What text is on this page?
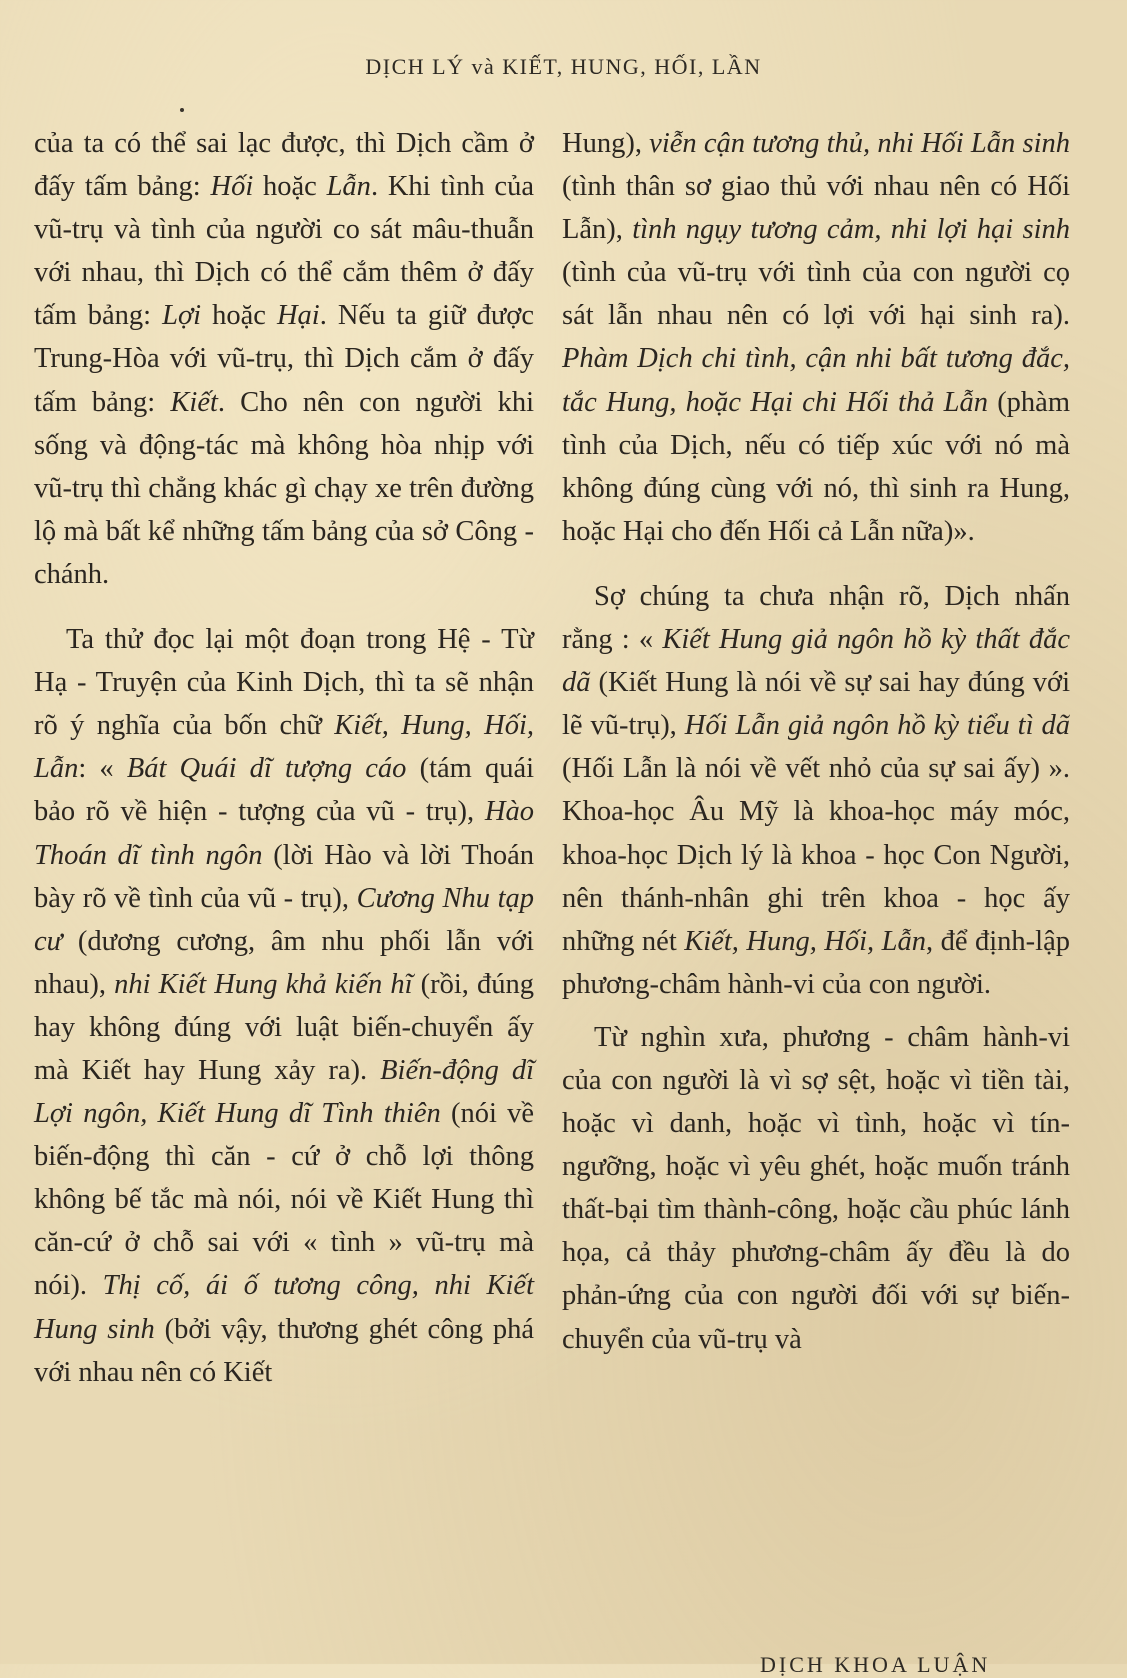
DỊCH LÝ và KIẾT, HUNG, HỐI, LẦN

của ta có thể sai lạc được, thì Dịch cầm ở đấy tấm bảng: Hối hoặc Lẫn. Khi tình của vũ-trụ và tình của người co sát mâu-thuẫn với nhau, thì Dịch có thể cắm thêm ở đấy tấm bảng: Lợi hoặc Hại. Nếu ta giữ được Trung-Hòa với vũ-trụ, thì Dịch cắm ở đấy tấm bảng: Kiết. Cho nên con người khi sống và động-tác mà không hòa nhịp với vũ-trụ thì chẳng khác gì chạy xe trên đường lộ mà bất kể những tấm bảng của sở Công - chánh.

Ta thử đọc lại một đoạn trong Hệ - Từ Hạ - Truyện của Kinh Dịch, thì ta sẽ nhận rõ ý nghĩa của bốn chữ Kiết, Hung, Hối, Lẫn: « Bát Quái dĩ tượng cáo (tám quái bảo rõ về hiện - tượng của vũ - trụ), Hào Thoán dĩ tình ngôn (lời Hào và lời Thoán bày rõ về tình của vũ - trụ), Cương Nhu tạp cư (dương cương, âm nhu phối lẫn với nhau), nhi Kiết Hung khả kiến hĩ (rồi, đúng hay không đúng với luật biến-chuyển ấy mà Kiết hay Hung xảy ra). Biến-động dĩ Lợi ngôn, Kiết Hung dĩ Tình thiên (nói về biến-động thì căn - cứ ở chỗ lợi thông không bế tắc mà nói, nói về Kiết Hung thì căn-cứ ở chỗ sai với « tình » vũ-trụ mà nói). Thị cố, ái ố tương công, nhi Kiết Hung sinh (bởi vậy, thương ghét công phá với nhau nên có Kiết

Hung), viễn cận tương thủ, nhi Hối Lẫn sinh (tình thân sơ giao thủ với nhau nên có Hối Lẫn), tình ngụy tương cảm, nhi lợi hại sinh (tình của vũ-trụ với tình của con người cọ sát lẫn nhau nên có lợi với hại sinh ra). Phàm Dịch chi tình, cận nhi bất tương đắc, tắc Hung, hoặc Hại chi Hối thả Lẫn (phàm tình của Dịch, nếu có tiếp xúc với nó mà không đúng cùng với nó, thì sinh ra Hung, hoặc Hại cho đến Hối cả Lẫn nữa)».

Sợ chúng ta chưa nhận rõ, Dịch nhấn rằng : « Kiết Hung giả ngôn hồ kỳ thất đắc dã (Kiết Hung là nói về sự sai hay đúng với lẽ vũ-trụ), Hối Lẫn giả ngôn hồ kỳ tiểu tì dã (Hối Lẫn là nói về vết nhỏ của sự sai ấy) ». Khoa-học Âu Mỹ là khoa-học máy móc, khoa-học Dịch lý là khoa - học Con Người, nên thánh-nhân ghi trên khoa - học ấy những nét Kiết, Hung, Hối, Lẫn, để định-lập phương-châm hành-vi của con người.

Từ nghìn xưa, phương - châm hành-vi của con người là vì sợ sệt, hoặc vì tiền tài, hoặc vì danh, hoặc vì tình, hoặc vì tín-ngưỡng, hoặc vì yêu ghét, hoặc muốn tránh thất-bại tìm thành-công, hoặc cầu phúc lánh họa, cả thảy phương-châm ấy đều là do phản-ứng của con người đối với sự biến-chuyển của vũ-trụ và

DỊCH KHOA LUẬN
